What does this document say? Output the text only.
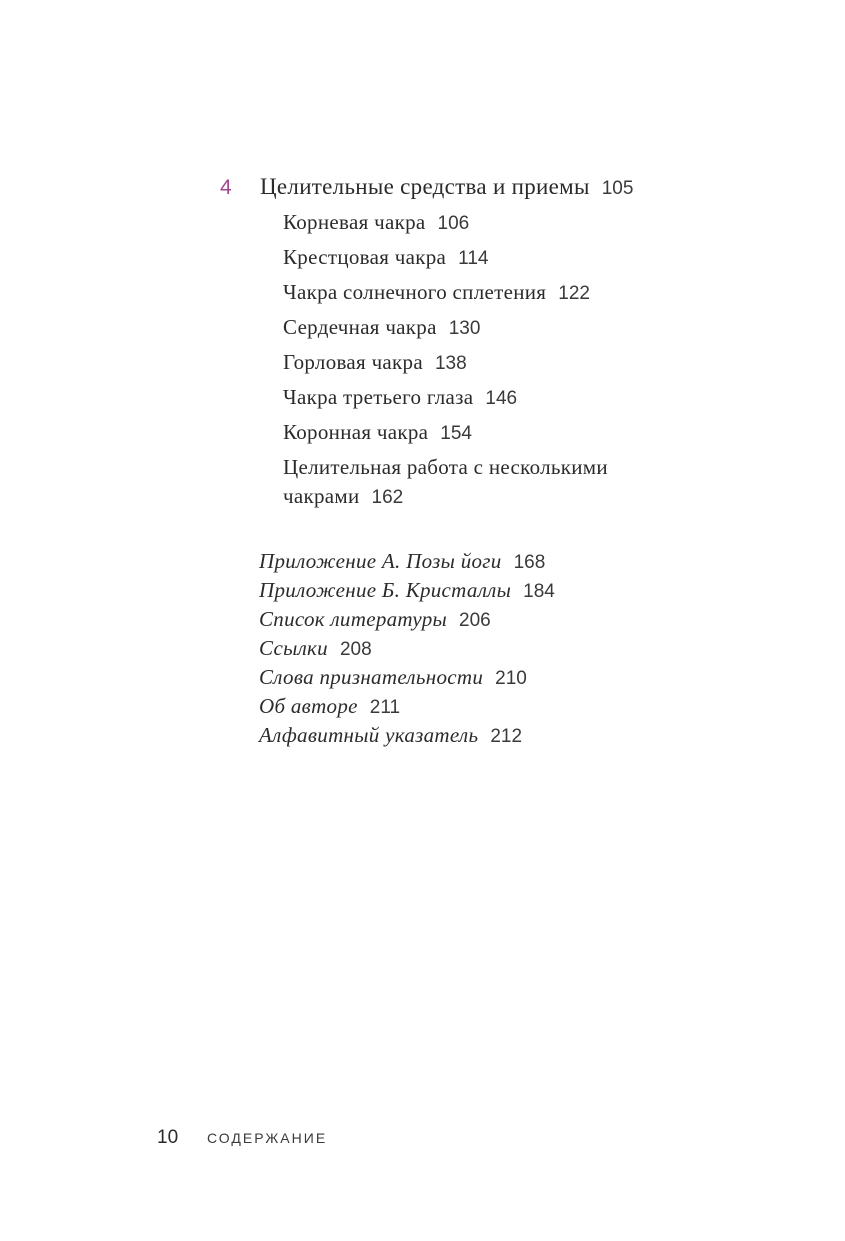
4	Целительные средства и приемы 105
Корневая чакра 106
Крестцовая чакра 114
Чакра солнечного сплетения 122
Сердечная чакра 130
Горловая чакра 138
Чакра третьего глаза 146
Коронная чакра 154
Целительная работа с несколькими
чакрами 162
Приложение А. Позы йоги 168
Приложение Б. Кристаллы 184
Список литературы 206
Ссылки 208
Слова признательности 210
Об авторе 211
Алфавитный указатель 212
10	СОДЕРЖАНИЕ
